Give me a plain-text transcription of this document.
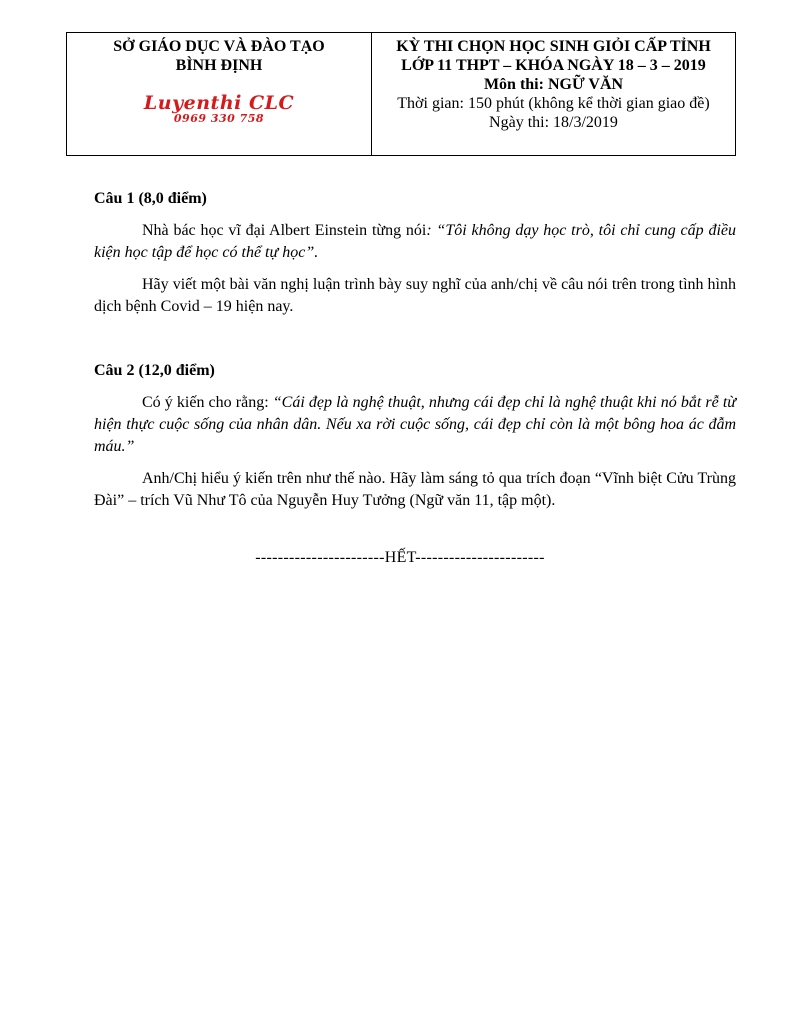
SỞ GIÁO DỤC VÀ ĐÀO TẠO
BÌNH ĐỊNH
Luyenthi CLC
0969 330 758
KỲ THI CHỌN HỌC SINH GIỎI CẤP TỈNH
LỚP 11 THPT – KHÓA NGÀY 18 – 3 – 2019
Môn thi: NGỮ VĂN
Thời gian: 150 phút (không kể thời gian giao đề)
Ngày thi: 18/3/2019

Câu 1 (8,0 điểm)

Nhà bác học vĩ đại Albert Einstein từng nói: “Tôi không dạy học trò, tôi chỉ cung cấp điều kiện học tập để học có thể tự học”.

Hãy viết một bài văn nghị luận trình bày suy nghĩ của anh/chị về câu nói trên trong tình hình dịch bệnh Covid – 19 hiện nay.

Câu 2 (12,0 điểm)

Có ý kiến cho rằng: “Cái đẹp là nghệ thuật, nhưng cái đẹp chỉ là nghệ thuật khi nó bắt rễ từ hiện thực cuộc sống của nhân dân. Nếu xa rời cuộc sống, cái đẹp chỉ còn là một bông hoa ác đẫm máu.”

Anh/Chị hiểu ý kiến trên như thế nào. Hãy làm sáng tỏ qua trích đoạn “Vĩnh biệt Cửu Trùng Đài” – trích Vũ Như Tô của Nguyễn Huy Tưởng (Ngữ văn 11, tập một).

-----------------------HẾT-----------------------
